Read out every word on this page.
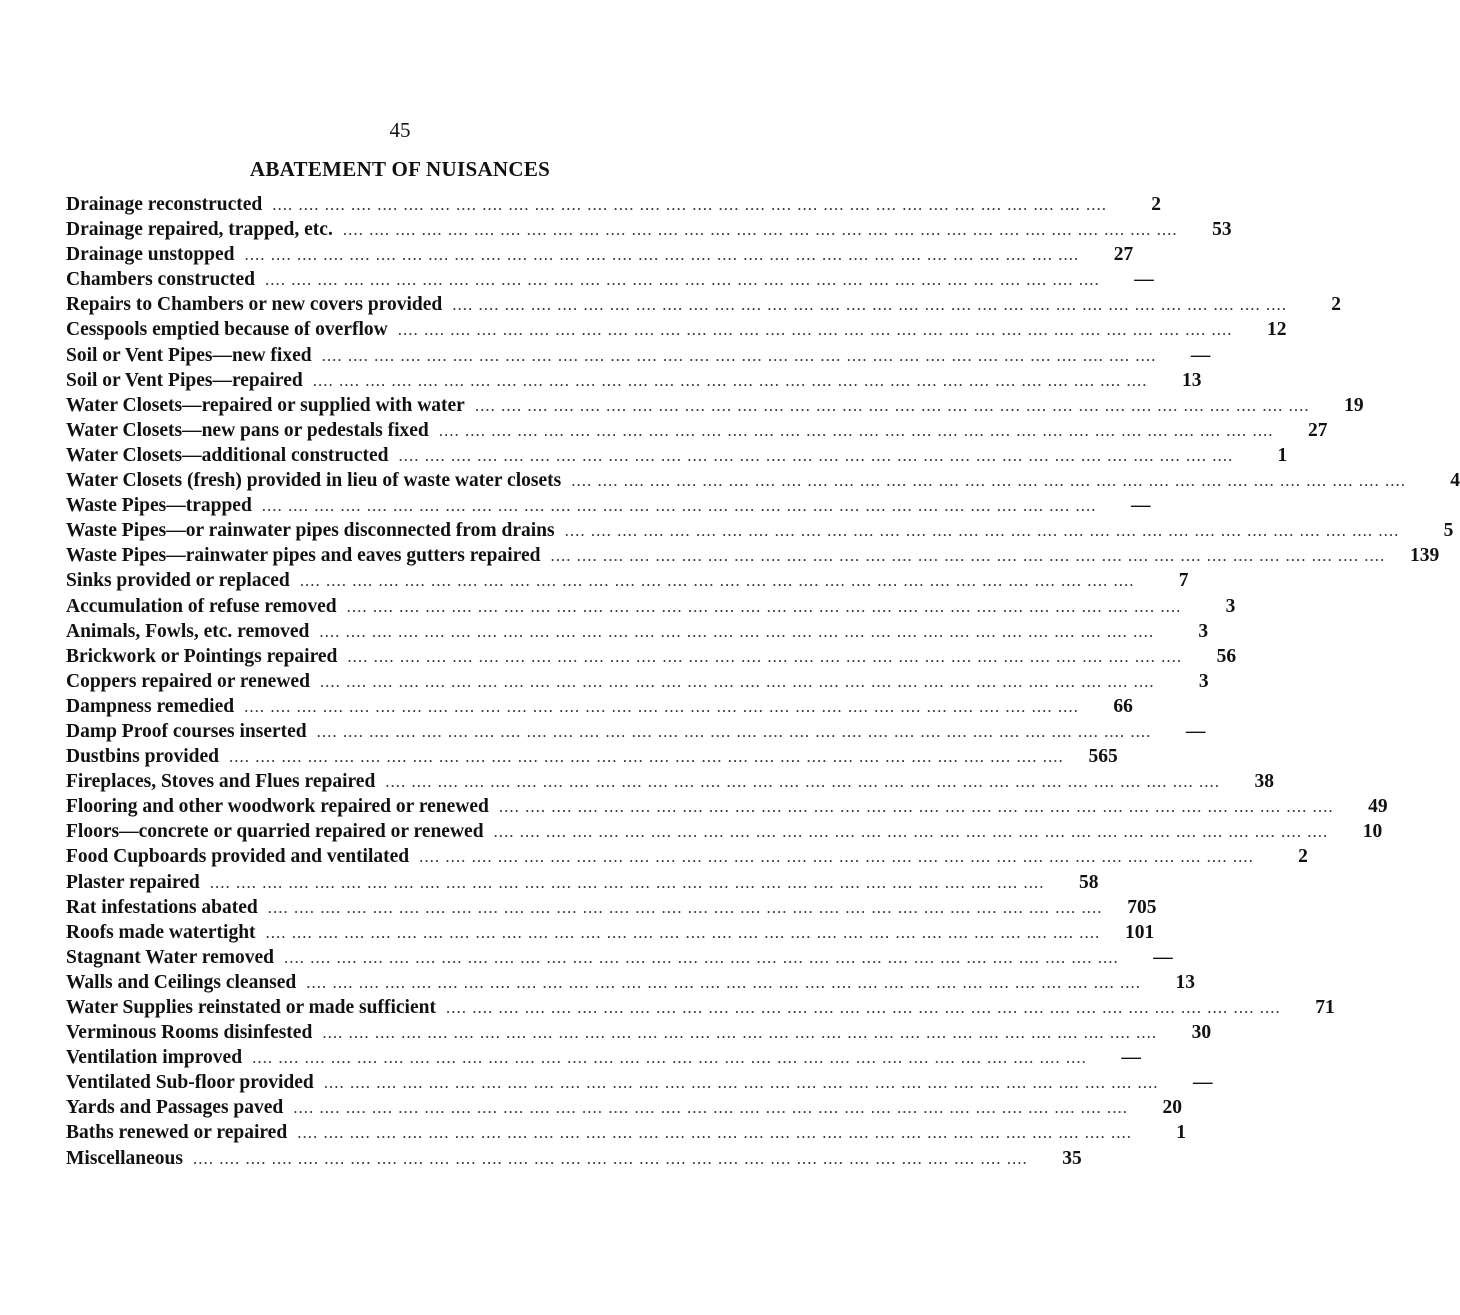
45
ABATEMENT OF NUISANCES
Drainage reconstructed .... .... .... .... .... .... .... .... .... .... .... .... .... .... .... .... .... .... .... .... .... .... .... .... .... .... .... .... .... .... .... ....	2
Drainage repaired, trapped, etc. .... .... .... .... .... .... .... .... .... .... .... .... .... .... .... .... .... .... .... .... .... .... .... .... .... .... .... .... .... .... .... ....	53
Drainage unstopped .... .... .... .... .... .... .... .... .... .... .... .... .... .... .... .... .... .... .... .... .... .... .... .... .... .... .... .... .... .... .... ....	27
Chambers constructed .... .... .... .... .... .... .... .... .... .... .... .... .... .... .... .... .... .... .... .... .... .... .... .... .... .... .... .... .... .... .... ....	—
Repairs to Chambers or new covers provided .... .... .... .... .... .... .... .... .... .... .... .... .... .... .... .... .... .... .... .... .... .... .... .... .... .... .... .... .... .... .... ....	2
Cesspools emptied because of overflow .... .... .... .... .... .... .... .... .... .... .... .... .... .... .... .... .... .... .... .... .... .... .... .... .... .... .... .... .... .... .... ....	12
Soil or Vent Pipes—new fixed .... .... .... .... .... .... .... .... .... .... .... .... .... .... .... .... .... .... .... .... .... .... .... .... .... .... .... .... .... .... .... ....	—
Soil or Vent Pipes—repaired .... .... .... .... .... .... .... .... .... .... .... .... .... .... .... .... .... .... .... .... .... .... .... .... .... .... .... .... .... .... .... ....	13
Water Closets—repaired or supplied with water .... .... .... .... .... .... .... .... .... .... .... .... .... .... .... .... .... .... .... .... .... .... .... .... .... .... .... .... .... .... .... ....	19
Water Closets—new pans or pedestals fixed .... .... .... .... .... .... .... .... .... .... .... .... .... .... .... .... .... .... .... .... .... .... .... .... .... .... .... .... .... .... .... ....	27
Water Closets—additional constructed .... .... .... .... .... .... .... .... .... .... .... .... .... .... .... .... .... .... .... .... .... .... .... .... .... .... .... .... .... .... .... ....	1
Water Closets (fresh) provided in lieu of waste water closets .... .... .... .... .... .... .... .... .... .... .... .... .... .... .... .... .... .... .... .... .... .... .... .... .... .... .... .... .... .... .... ....	4
Waste Pipes—trapped .... .... .... .... .... .... .... .... .... .... .... .... .... .... .... .... .... .... .... .... .... .... .... .... .... .... .... .... .... .... .... ....	—
Waste Pipes—or rainwater pipes disconnected from drains .... .... .... .... .... .... .... .... .... .... .... .... .... .... .... .... .... .... .... .... .... .... .... .... .... .... .... .... .... .... .... ....	5
Waste Pipes—rainwater pipes and eaves gutters repaired .... .... .... .... .... .... .... .... .... .... .... .... .... .... .... .... .... .... .... .... .... .... .... .... .... .... .... .... .... .... .... ....	139
Sinks provided or replaced .... .... .... .... .... .... .... .... .... .... .... .... .... .... .... .... .... .... .... .... .... .... .... .... .... .... .... .... .... .... .... ....	7
Accumulation of refuse removed .... .... .... .... .... .... .... .... .... .... .... .... .... .... .... .... .... .... .... .... .... .... .... .... .... .... .... .... .... .... .... ....	3
Animals, Fowls, etc. removed .... .... .... .... .... .... .... .... .... .... .... .... .... .... .... .... .... .... .... .... .... .... .... .... .... .... .... .... .... .... .... ....	3
Brickwork or Pointings repaired .... .... .... .... .... .... .... .... .... .... .... .... .... .... .... .... .... .... .... .... .... .... .... .... .... .... .... .... .... .... .... ....	56
Coppers repaired or renewed .... .... .... .... .... .... .... .... .... .... .... .... .... .... .... .... .... .... .... .... .... .... .... .... .... .... .... .... .... .... .... ....	3
Dampness remedied .... .... .... .... .... .... .... .... .... .... .... .... .... .... .... .... .... .... .... .... .... .... .... .... .... .... .... .... .... .... .... ....	66
Damp Proof courses inserted .... .... .... .... .... .... .... .... .... .... .... .... .... .... .... .... .... .... .... .... .... .... .... .... .... .... .... .... .... .... .... ....	—
Dustbins provided .... .... .... .... .... .... .... .... .... .... .... .... .... .... .... .... .... .... .... .... .... .... .... .... .... .... .... .... .... .... .... ....	565
Fireplaces, Stoves and Flues repaired .... .... .... .... .... .... .... .... .... .... .... .... .... .... .... .... .... .... .... .... .... .... .... .... .... .... .... .... .... .... .... ....	38
Flooring and other woodwork repaired or renewed .... .... .... .... .... .... .... .... .... .... .... .... .... .... .... .... .... .... .... .... .... .... .... .... .... .... .... .... .... .... .... ....	49
Floors—concrete or quarried repaired or renewed .... .... .... .... .... .... .... .... .... .... .... .... .... .... .... .... .... .... .... .... .... .... .... .... .... .... .... .... .... .... .... ....	10
Food Cupboards provided and ventilated .... .... .... .... .... .... .... .... .... .... .... .... .... .... .... .... .... .... .... .... .... .... .... .... .... .... .... .... .... .... .... ....	2
Plaster repaired .... .... .... .... .... .... .... .... .... .... .... .... .... .... .... .... .... .... .... .... .... .... .... .... .... .... .... .... .... .... .... ....	58
Rat infestations abated .... .... .... .... .... .... .... .... .... .... .... .... .... .... .... .... .... .... .... .... .... .... .... .... .... .... .... .... .... .... .... ....	705
Roofs made watertight .... .... .... .... .... .... .... .... .... .... .... .... .... .... .... .... .... .... .... .... .... .... .... .... .... .... .... .... .... .... .... ....	101
Stagnant Water removed .... .... .... .... .... .... .... .... .... .... .... .... .... .... .... .... .... .... .... .... .... .... .... .... .... .... .... .... .... .... .... ....	—
Walls and Ceilings cleansed .... .... .... .... .... .... .... .... .... .... .... .... .... .... .... .... .... .... .... .... .... .... .... .... .... .... .... .... .... .... .... ....	13
Water Supplies reinstated or made sufficient .... .... .... .... .... .... .... .... .... .... .... .... .... .... .... .... .... .... .... .... .... .... .... .... .... .... .... .... .... .... .... ....	71
Verminous Rooms disinfested .... .... .... .... .... .... .... .... .... .... .... .... .... .... .... .... .... .... .... .... .... .... .... .... .... .... .... .... .... .... .... ....	30
Ventilation improved .... .... .... .... .... .... .... .... .... .... .... .... .... .... .... .... .... .... .... .... .... .... .... .... .... .... .... .... .... .... .... ....	—
Ventilated Sub-floor provided .... .... .... .... .... .... .... .... .... .... .... .... .... .... .... .... .... .... .... .... .... .... .... .... .... .... .... .... .... .... .... ....	—
Yards and Passages paved .... .... .... .... .... .... .... .... .... .... .... .... .... .... .... .... .... .... .... .... .... .... .... .... .... .... .... .... .... .... .... ....	20
Baths renewed or repaired .... .... .... .... .... .... .... .... .... .... .... .... .... .... .... .... .... .... .... .... .... .... .... .... .... .... .... .... .... .... .... ....	1
Miscellaneous .... .... .... .... .... .... .... .... .... .... .... .... .... .... .... .... .... .... .... .... .... .... .... .... .... .... .... .... .... .... .... ....	35
